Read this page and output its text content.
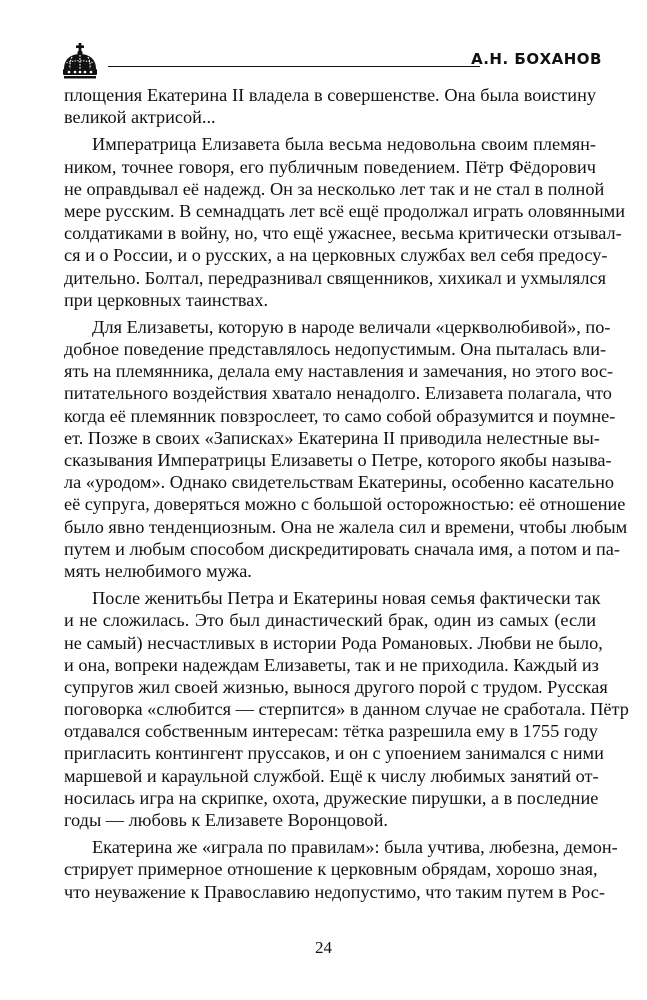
А.Н. БОХАНОВ
площения Екатерина II владела в совершенстве. Она была воистину
великой актрисой...
Императрица Елизавета была весьма недовольна своим племян-
ником, точнее говоря, его публичным поведением. Пётр Фёдорович
не оправдывал её надежд. Он за несколько лет так и не стал в полной
мере русским. В семнадцать лет всё ещё продолжал играть оловянными
солдатиками в войну, но, что ещё ужаснее, весьма критически отзывал-
ся и о России, и о русских, а на церковных службах вел себя предосу-
дительно. Болтал, передразнивал священников, хихикал и ухмылялся
при церковных таинствах.
Для Елизаветы, которую в народе величали «церкволюбивой», по-
добное поведение представлялось недопустимым. Она пыталась вли-
ять на племянника, делала ему наставления и замечания, но этого вос-
питательного воздействия хватало ненадолго. Елизавета полагала, что
когда её племянник повзрослеет, то само собой образумится и поумне-
ет. Позже в своих «Записках» Екатерина II приводила нелестные вы-
сказывания Императрицы Елизаветы о Петре, которого якобы называ-
ла «уродом». Однако свидетельствам Екатерины, особенно касательно
её супруга, доверяться можно с большой осторожностью: её отношение
было явно тенденциозным. Она не жалела сил и времени, чтобы любым
путем и любым способом дискредитировать сначала имя, а потом и па-
мять нелюбимого мужа.
После женитьбы Петра и Екатерины новая семья фактически так
и не сложилась. Это был династический брак, один из самых (если
не самый) несчастливых в истории Рода Романовых. Любви не было,
и она, вопреки надеждам Елизаветы, так и не приходила. Каждый из
супругов жил своей жизнью, вынося другого порой с трудом. Русская
поговорка «слюбится — стерпится» в данном случае не сработала. Пётр
отдавался собственным интересам: тётка разрешила ему в 1755 году
пригласить контингент пруссаков, и он с упоением занимался с ними
маршевой и караульной службой. Ещё к числу любимых занятий от-
носилась игра на скрипке, охота, дружеские пирушки, а в последние
годы — любовь к Елизавете Воронцовой.
Екатерина же «играла по правилам»: была учтива, любезна, демон-
стрирует примерное отношение к церковным обрядам, хорошо зная,
что неуважение к Православию недопустимо, что таким путем в Рос-
24
